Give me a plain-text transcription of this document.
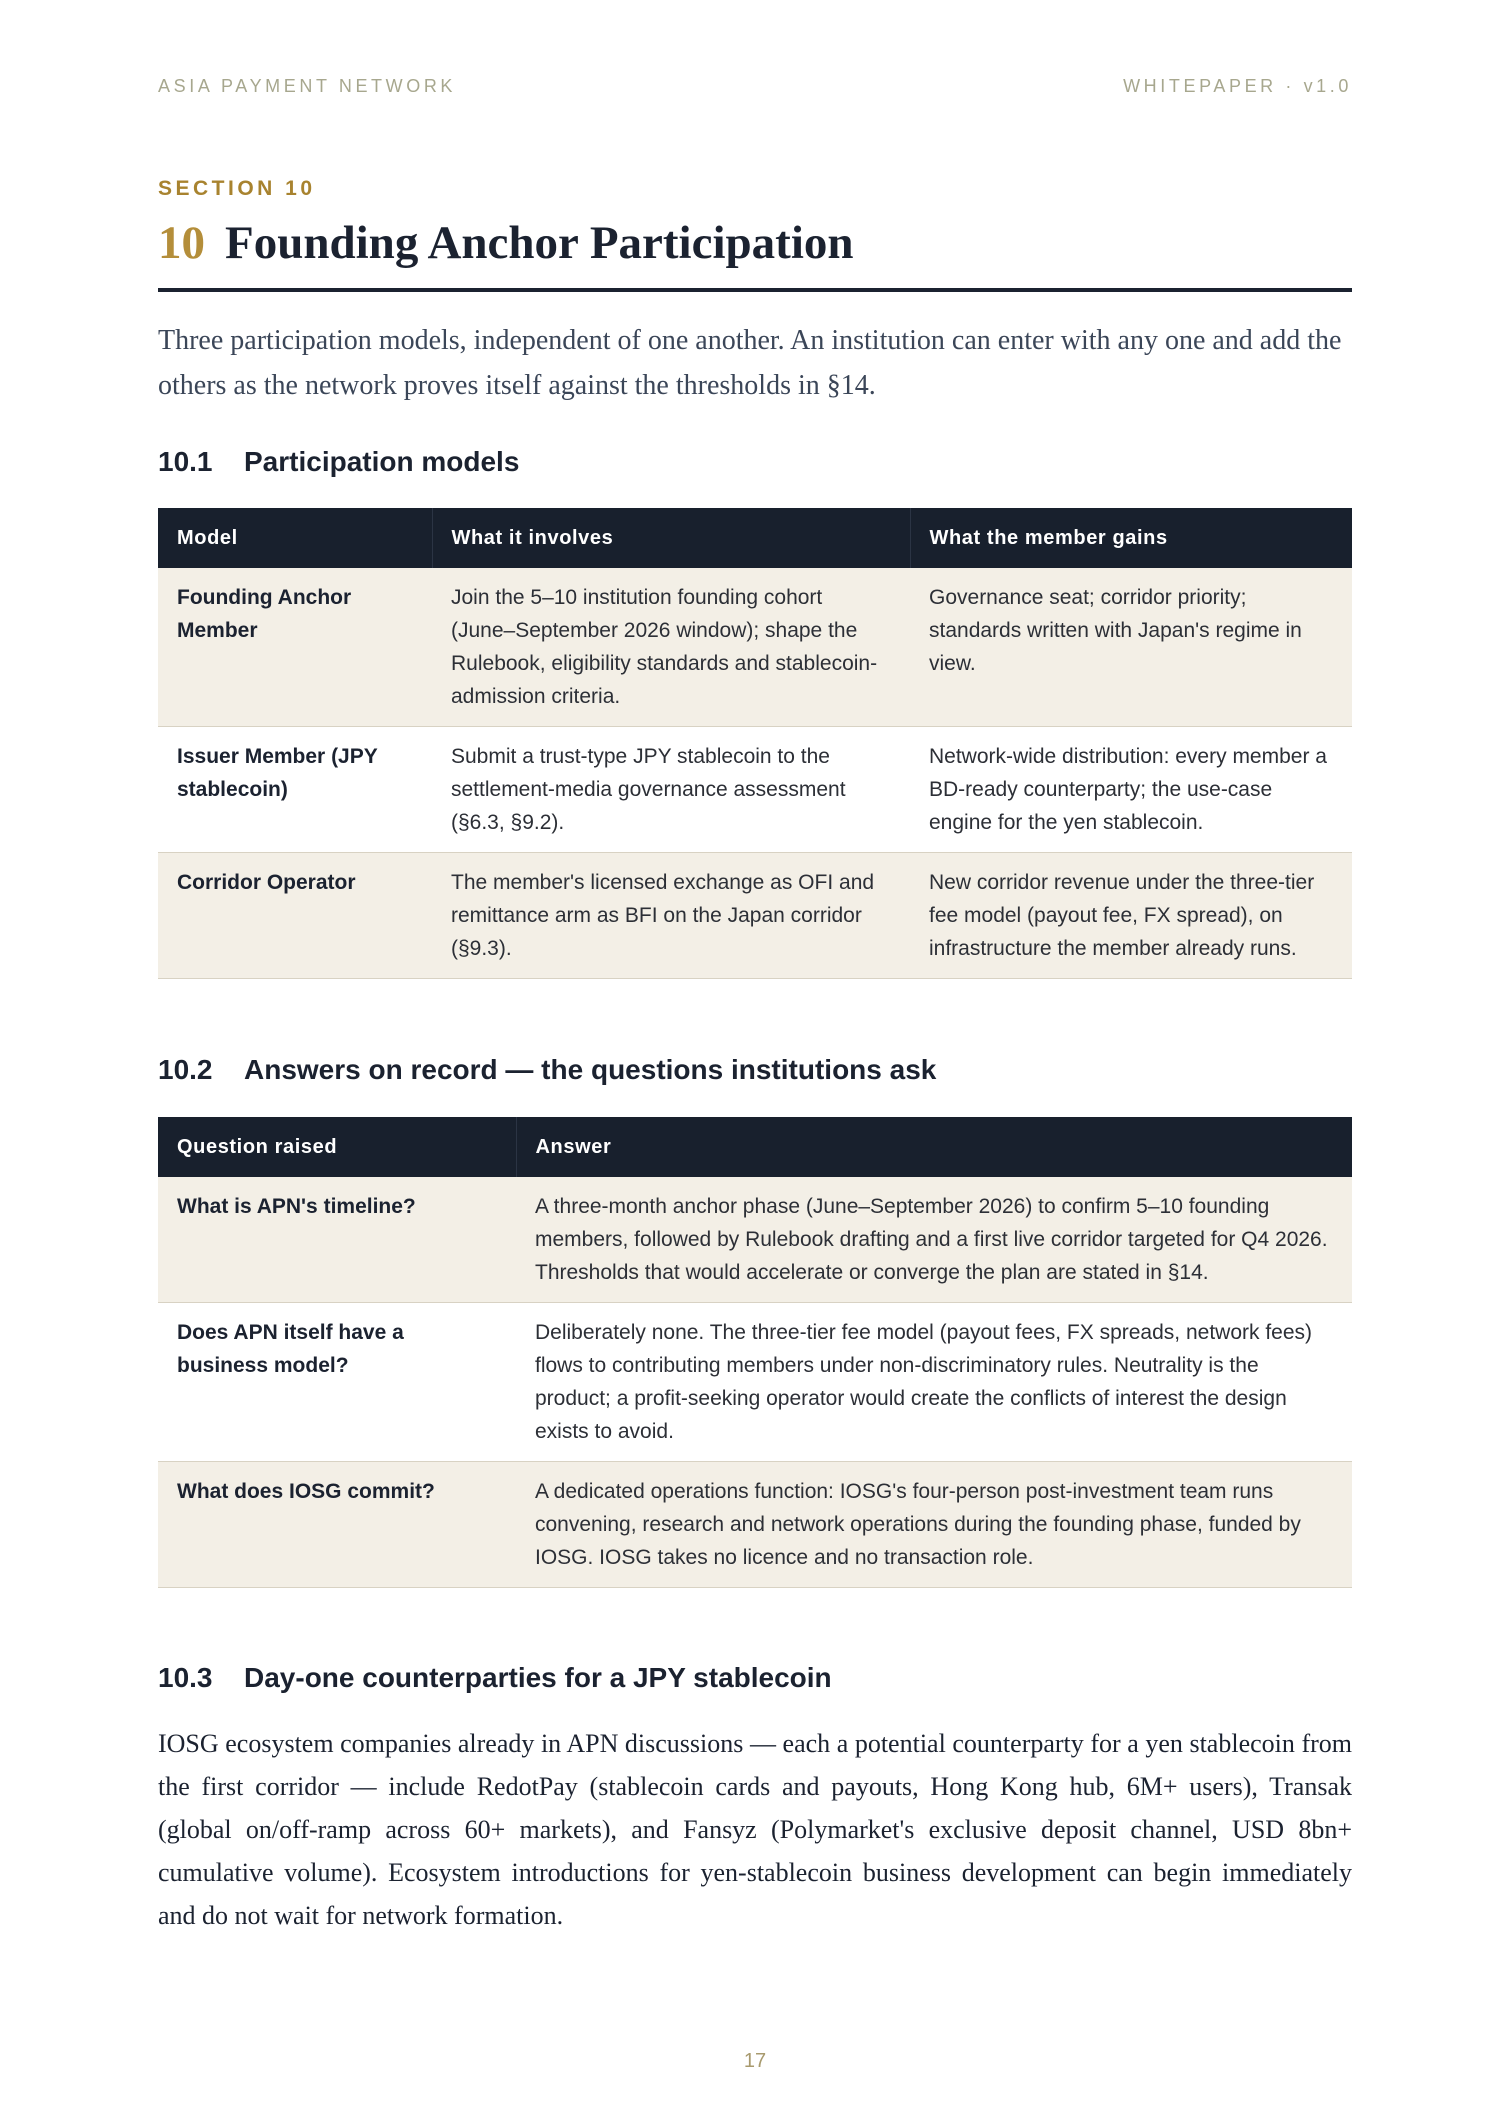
ASIA PAYMENT NETWORK	WHITEPAPER · v1.0
SECTION 10
10 Founding Anchor Participation

Three participation models, independent of one another. An institution can enter with any one and add the others as the network proves itself against the thresholds in §14.

10.1 Participation models
Model	What it involves	What the member gains
Founding Anchor Member	Join the 5–10 institution founding cohort (June–September 2026 window); shape the Rulebook, eligibility standards and stablecoin-admission criteria.	Governance seat; corridor priority; standards written with Japan's regime in view.
Issuer Member (JPY stablecoin)	Submit a trust-type JPY stablecoin to the settlement-media governance assessment (§6.3, §9.2).	Network-wide distribution: every member a BD-ready counterparty; the use-case engine for the yen stablecoin.
Corridor Operator	The member's licensed exchange as OFI and remittance arm as BFI on the Japan corridor (§9.3).	New corridor revenue under the three-tier fee model (payout fee, FX spread), on infrastructure the member already runs.
10.2 Answers on record — the questions institutions ask
Question raised	Answer
What is APN's timeline?	A three-month anchor phase (June–September 2026) to confirm 5–10 founding members, followed by Rulebook drafting and a first live corridor targeted for Q4 2026. Thresholds that would accelerate or converge the plan are stated in §14.
Does APN itself have a business model?	Deliberately none. The three-tier fee model (payout fees, FX spreads, network fees) flows to contributing members under non-discriminatory rules. Neutrality is the product; a profit-seeking operator would create the conflicts of interest the design exists to avoid.
What does IOSG commit?	A dedicated operations function: IOSG's four-person post-investment team runs convening, research and network operations during the founding phase, funded by IOSG. IOSG takes no licence and no transaction role.
10.3 Day-one counterparties for a JPY stablecoin

IOSG ecosystem companies already in APN discussions — each a potential counterparty for a yen stablecoin from the first corridor — include RedotPay (stablecoin cards and payouts, Hong Kong hub, 6M+ users), Transak (global on/off-ramp across 60+ markets), and Fansyz (Polymarket's exclusive deposit channel, USD 8bn+ cumulative volume). Ecosystem introductions for yen-stablecoin business development can begin immediately and do not wait for network formation.

17
